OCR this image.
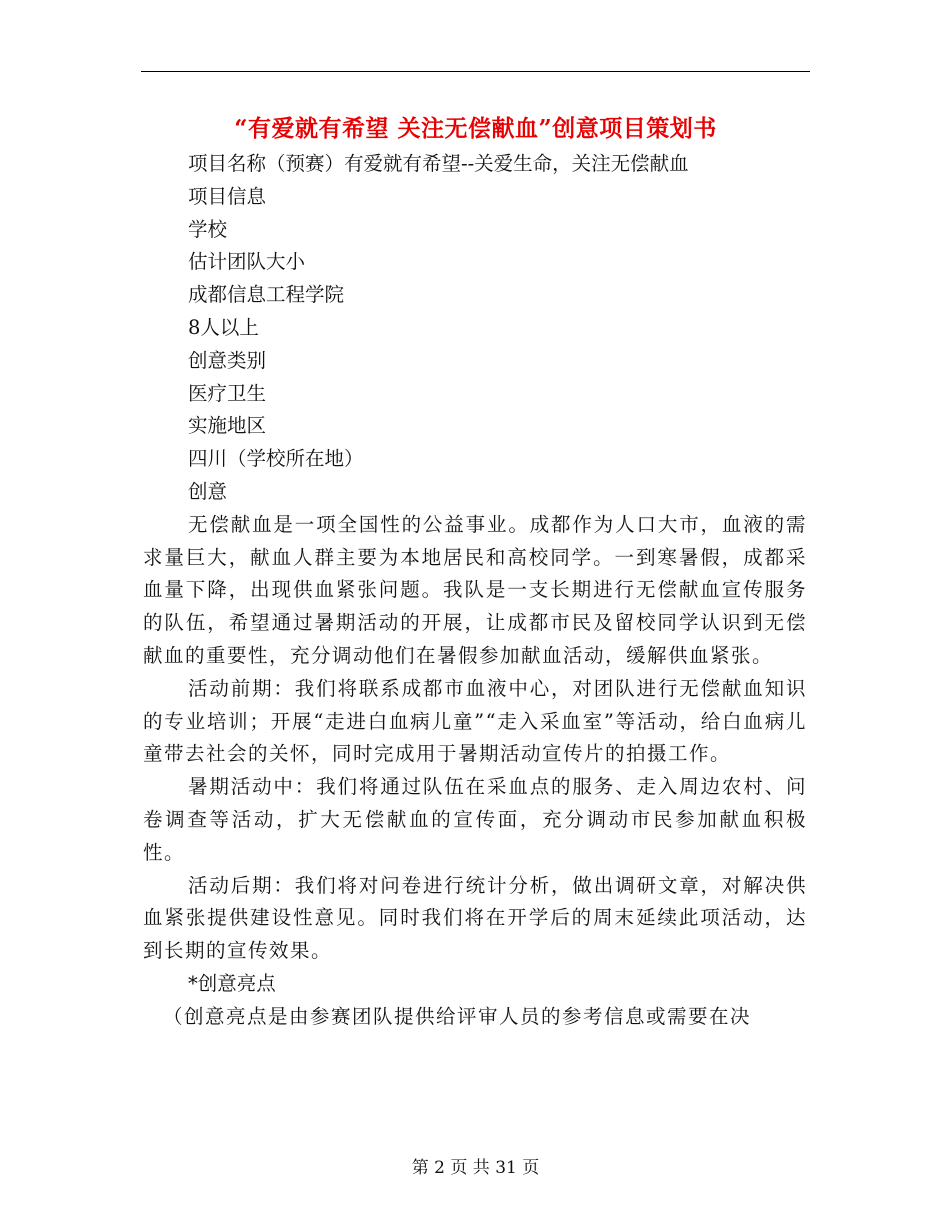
“有爱就有希望 关注无偿献血”创意项目策划书
项目名称（预赛）有爱就有希望--关爱生命，关注无偿献血
项目信息
学校
估计团队大小
成都信息工程学院
8人以上
创意类别
医疗卫生
实施地区
四川（学校所在地）
创意
无偿献血是一项全国性的公益事业。成都作为人口大市，血液的需求量巨大，献血人群主要为本地居民和高校同学。一到寒暑假，成都采血量下降，出现供血紧张问题。我队是一支长期进行无偿献血宣传服务的队伍，希望通过暑期活动的开展，让成都市民及留校同学认识到无偿献血的重要性，充分调动他们在暑假参加献血活动，缓解供血紧张。
活动前期：我们将联系成都市血液中心，对团队进行无偿献血知识的专业培训；开展“走进白血病儿童”“走入采血室”等活动，给白血病儿童带去社会的关怀，同时完成用于暑期活动宣传片的拍摄工作。
暑期活动中：我们将通过队伍在采血点的服务、走入周边农村、问卷调查等活动，扩大无偿献血的宣传面，充分调动市民参加献血积极性。
活动后期：我们将对问卷进行统计分析，做出调研文章，对解决供血紧张提供建设性意见。同时我们将在开学后的周末延续此项活动，达到长期的宣传效果。
*创意亮点
（创意亮点是由参赛团队提供给评审人员的参考信息或需要在决
第 2 页 共 31 页
